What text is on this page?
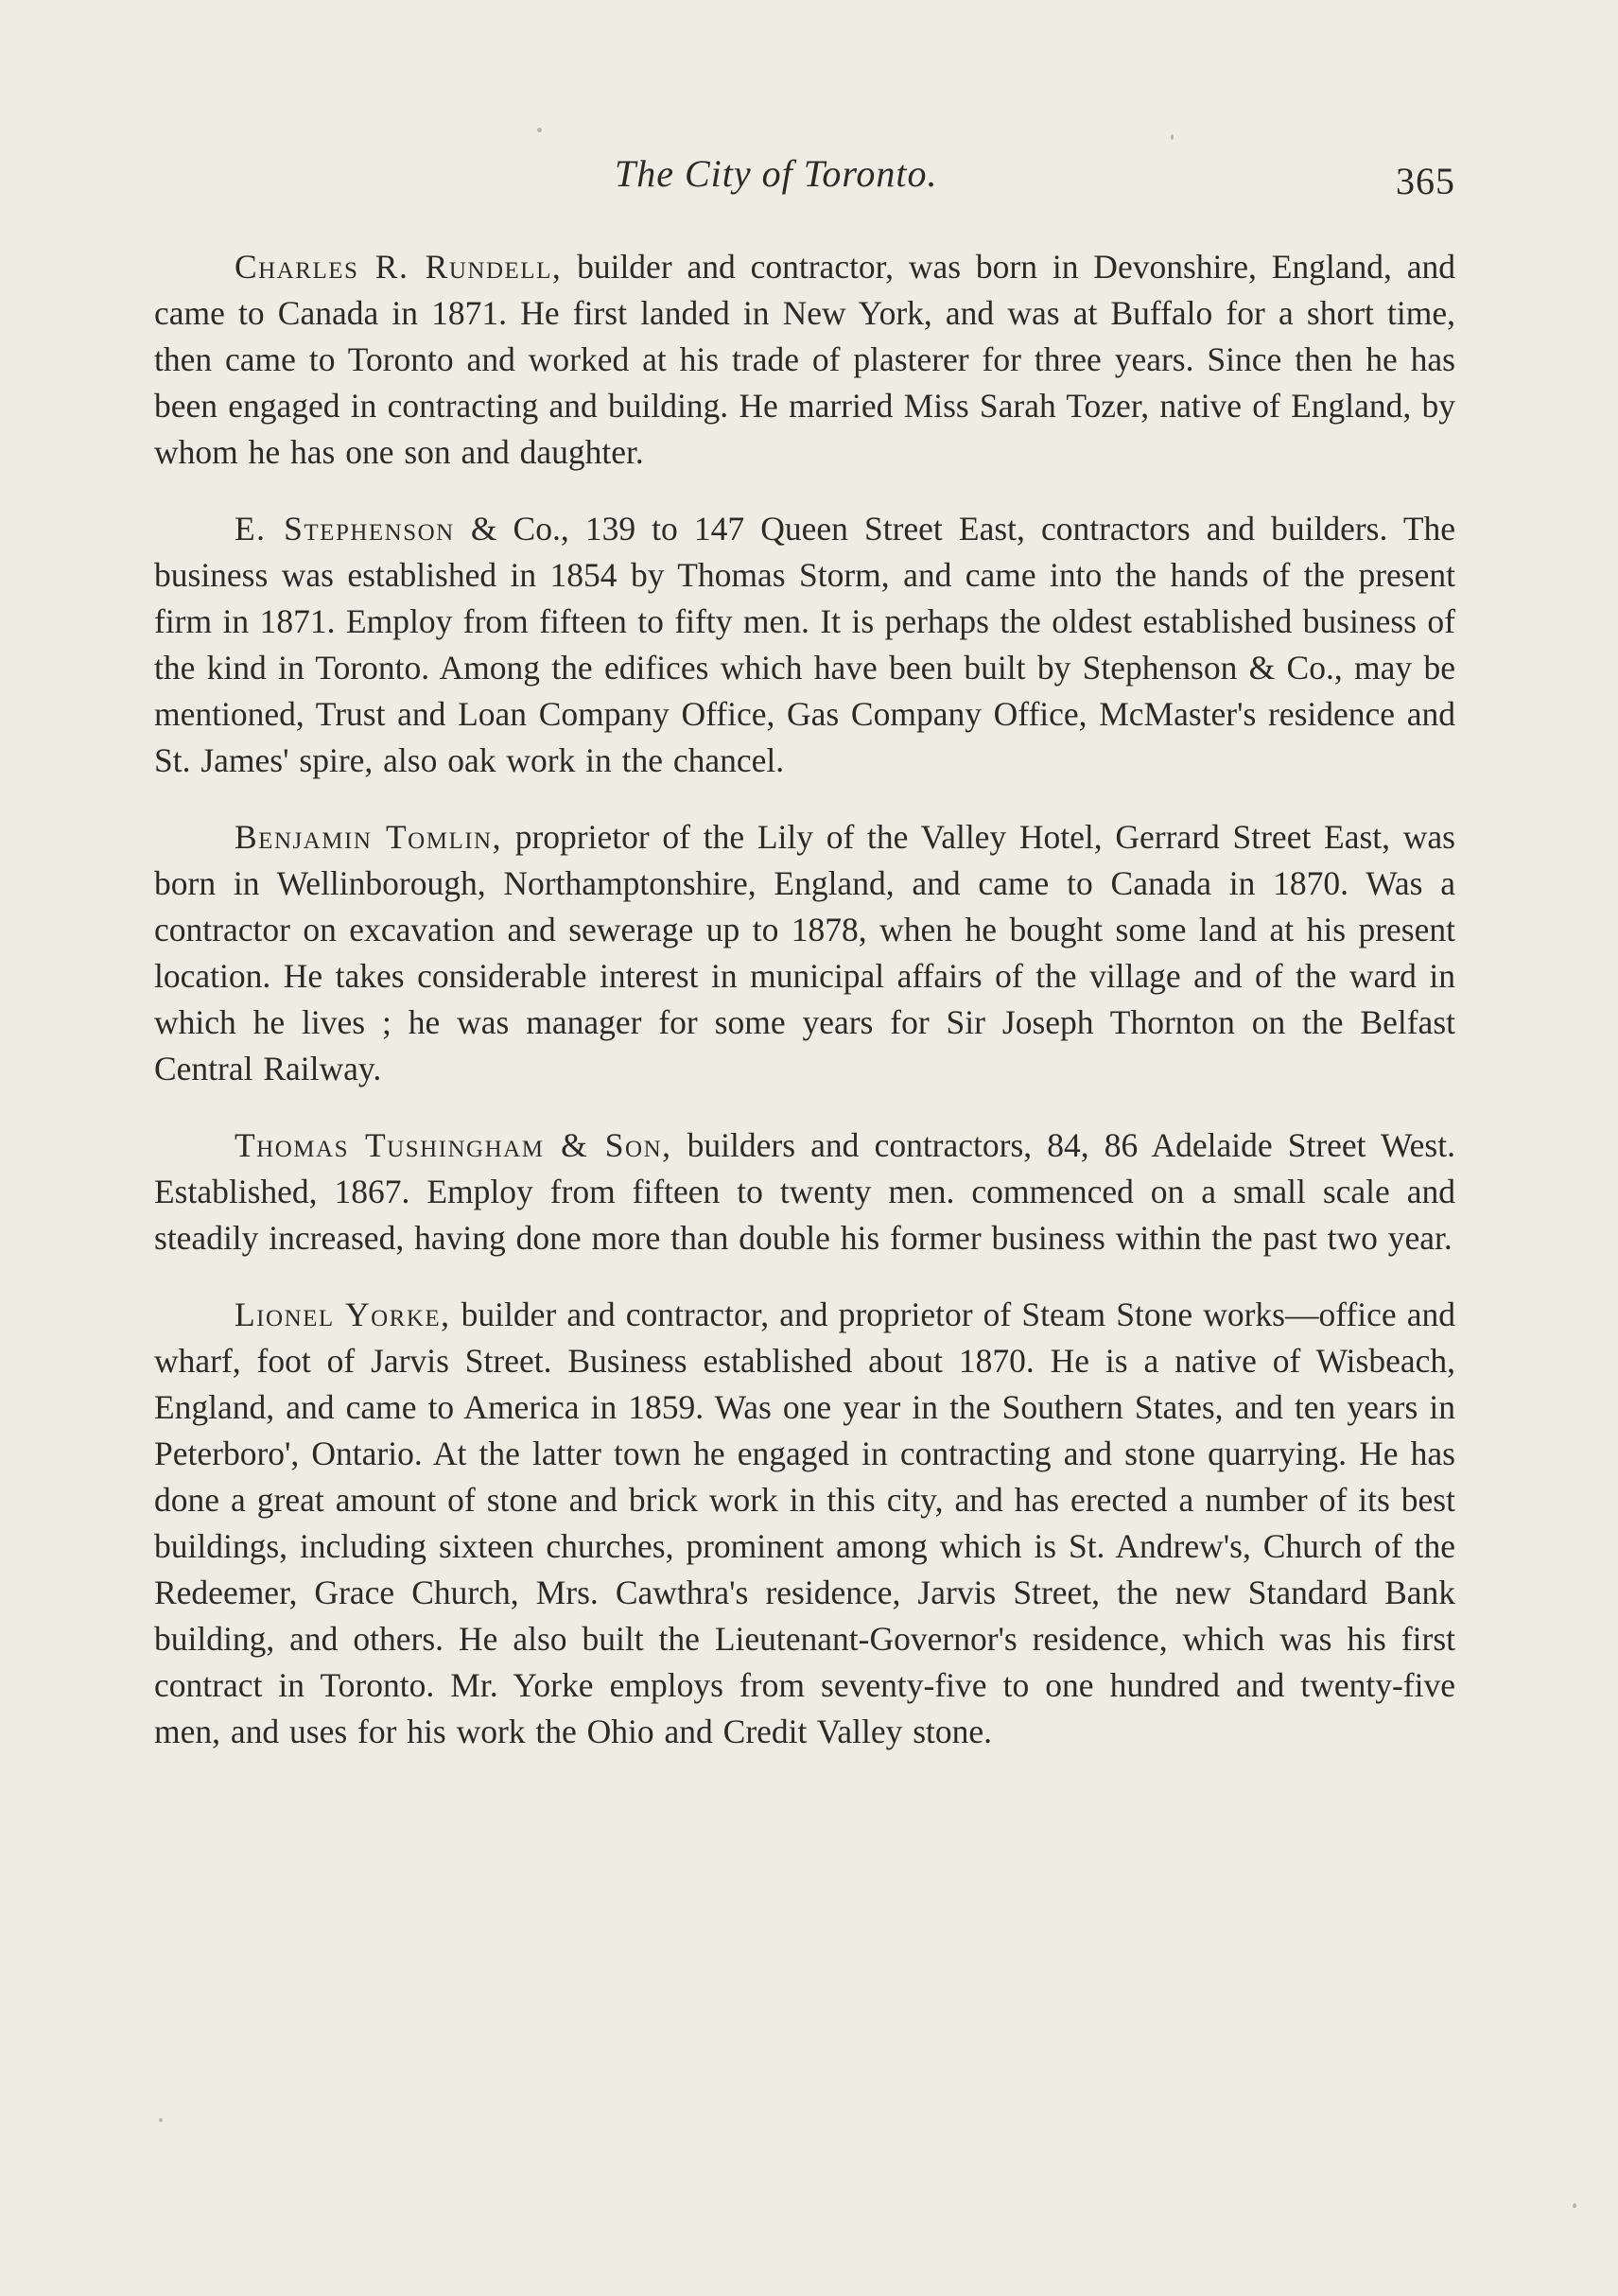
The City of Toronto.	365

Charles R. Rundell, builder and contractor, was born in Devonshire, England, and came to Canada in 1871. He first landed in New York, and was at Buffalo for a short time, then came to Toronto and worked at his trade of plasterer for three years. Since then he has been engaged in contracting and building. He married Miss Sarah Tozer, native of England, by whom he has one son and daughter.

E. Stephenson & Co., 139 to 147 Queen Street East, contractors and builders. The business was established in 1854 by Thomas Storm, and came into the hands of the present firm in 1871. Employ from fifteen to fifty men. It is perhaps the oldest established business of the kind in Toronto. Among the edifices which have been built by Stephenson & Co., may be mentioned, Trust and Loan Company Office, Gas Company Office, McMaster's residence and St. James' spire, also oak work in the chancel.

Benjamin Tomlin, proprietor of the Lily of the Valley Hotel, Gerrard Street East, was born in Wellinborough, Northamptonshire, England, and came to Canada in 1870. Was a contractor on excavation and sewerage up to 1878, when he bought some land at his present location. He takes considerable interest in municipal affairs of the village and of the ward in which he lives ; he was manager for some years for Sir Joseph Thornton on the Belfast Central Railway.

Thomas Tushingham & Son, builders and contractors, 84, 86 Adelaide Street West. Established, 1867. Employ from fifteen to twenty men. commenced on a small scale and steadily increased, having done more than double his former business within the past two year.

Lionel Yorke, builder and contractor, and proprietor of Steam Stone works—office and wharf, foot of Jarvis Street. Business established about 1870. He is a native of Wisbeach, England, and came to America in 1859. Was one year in the Southern States, and ten years in Peterboro', Ontario. At the latter town he engaged in contracting and stone quarrying. He has done a great amount of stone and brick work in this city, and has erected a number of its best buildings, including sixteen churches, prominent among which is St. Andrew's, Church of the Redeemer, Grace Church, Mrs. Cawthra's residence, Jarvis Street, the new Standard Bank building, and others. He also built the Lieutenant-Governor's residence, which was his first contract in Toronto. Mr. Yorke employs from seventy-five to one hundred and twenty-five men, and uses for his work the Ohio and Credit Valley stone.
